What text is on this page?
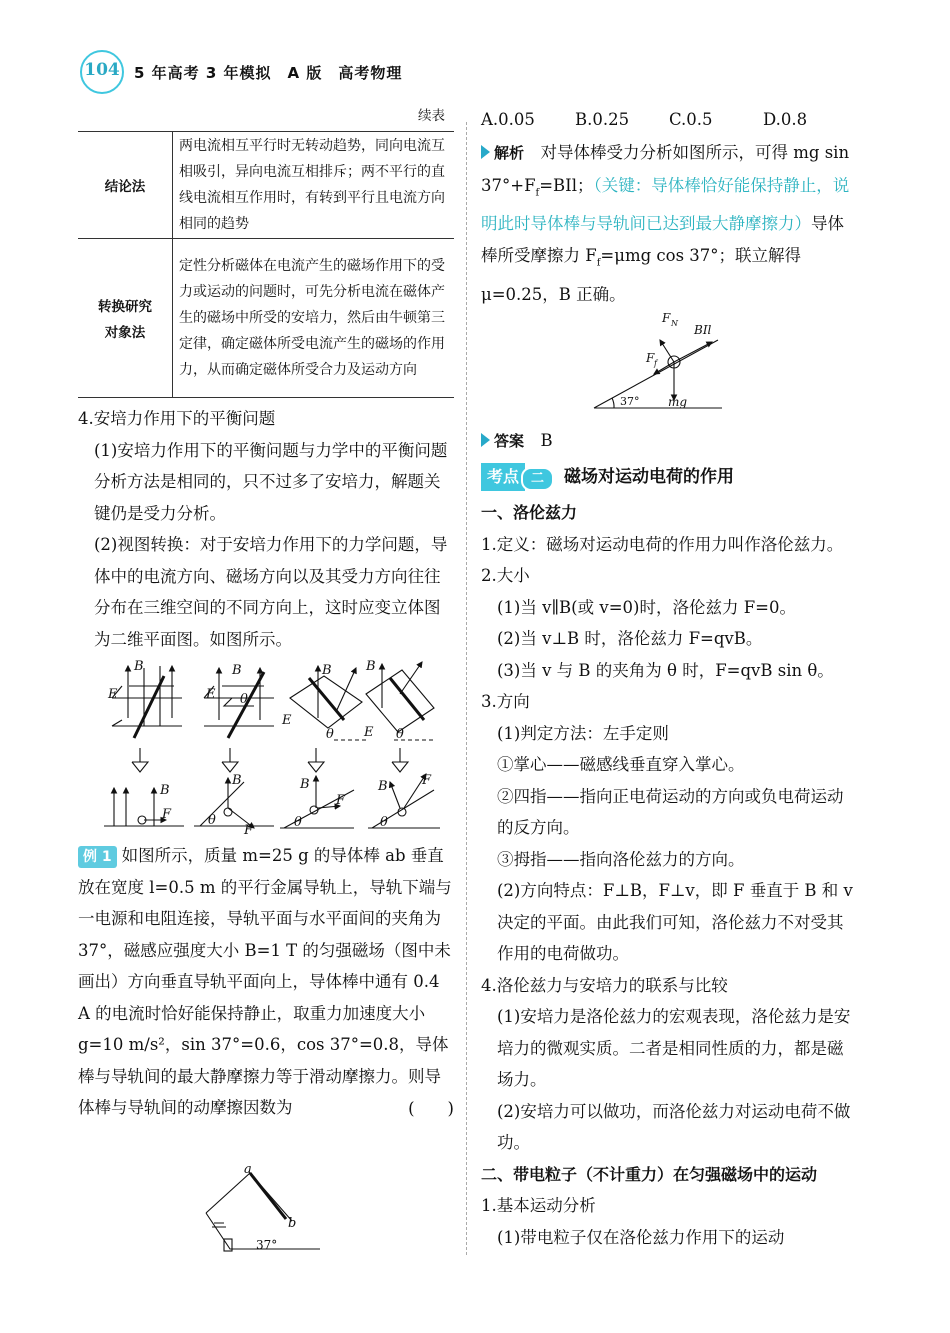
104 5 年高考 3 年模拟　A 版　高考物理
续表
结论法	两电流相互平行时无转动趋势，同向电流互相吸引，异向电流互相排斥；两不平行的直线电流相互作用时，有转到平行且电流方向相同的趋势

转换研究
对象法	定性分析磁体在电流产生的磁场作用下的受力或运动的问题时，可先分析电流在磁体产生的磁场中所受的安培力，然后由牛顿第三定律，确定磁体所受电流产生的磁场的作用力，从而确定磁体所受合力及运动方向
4.安培力作用下的平衡问题
(1)安培力作用下的平衡问题与力学中的平衡问题分析方法是相同的，只不过多了安培力，解题关键仍是受力分析。
(2)视图转换：对于安培力作用下的力学问题，导体中的电流方向、磁场方向以及其受力方向往往分布在三维空间的不同方向上，这时应变立体图为二维平面图。如图所示。
B
E
B
E θ
B
E
θ
B
E θ
B
F
B
θ
F
B
F
θ
B	F
θ
例 1 如图所示，质量 m=25 g 的导体棒 ab 垂直放在宽度 l=0.5 m 的平行金属导轨上，导轨下端与一电源和电阻连接，导轨平面与水平面间的夹角为 37°，磁感应强度大小 B=1 T 的匀强磁场（图中未画出）方向垂直导轨平面向上，导体棒中通有 0.4 A 的电流时恰好能保持静止，取重力加速度大小 g=10 m/s²，sin 37°=0.6，cos 37°=0.8，导体棒与导轨间的最大静摩擦力等于滑动摩擦力。则导体棒与导轨间的动摩擦因数为	(　　)
a
b
37°
A.0.05 B.0.25 C.0.5	D.0.8
解析　 对导体棒受力分析如图所示，可得 mg $\sin 37^\circ+F_f=BIl$；（关键：导体棒恰好能保持静止，说明此时导体棒与导轨间已达到最大静摩擦力）导体棒所受摩擦力 $F_f=\mu mg$ cos 37°；联立解得 μ=0.25，B 正确。
F N BIl
F f
mg
37°
答案　 B
考点 二 磁场对运动电荷的作用
一、洛伦兹力
1.定义：磁场对运动电荷的作用力叫作洛伦兹力。
2.大小
(1)当 v∥B(或 v=0)时，洛伦兹力 F=0。
(2)当 v⊥B 时，洛伦兹力 F=qvB。
(3)当 v 与 B 的夹角为 θ 时，F=qvB sin θ。
3.方向
(1)判定方法：左手定则
①掌心——磁感线垂直穿入掌心。
②四指——指向正电荷运动的方向或负电荷运动的反方向。
③拇指——指向洛伦兹力的方向。
(2)方向特点：F⊥B，F⊥v，即 F 垂直于 B 和 v 决定的平面。由此我们可知，洛伦兹力不对受其作用的电荷做功。
4.洛伦兹力与安培力的联系与比较
(1)安培力是洛伦兹力的宏观表现，洛伦兹力是安培力的微观实质。二者是相同性质的力，都是磁场力。
(2)安培力可以做功，而洛伦兹力对运动电荷不做功。
二、带电粒子（不计重力）在匀强磁场中的运动
1.基本运动分析
(1)带电粒子仅在洛伦兹力作用下的运动
